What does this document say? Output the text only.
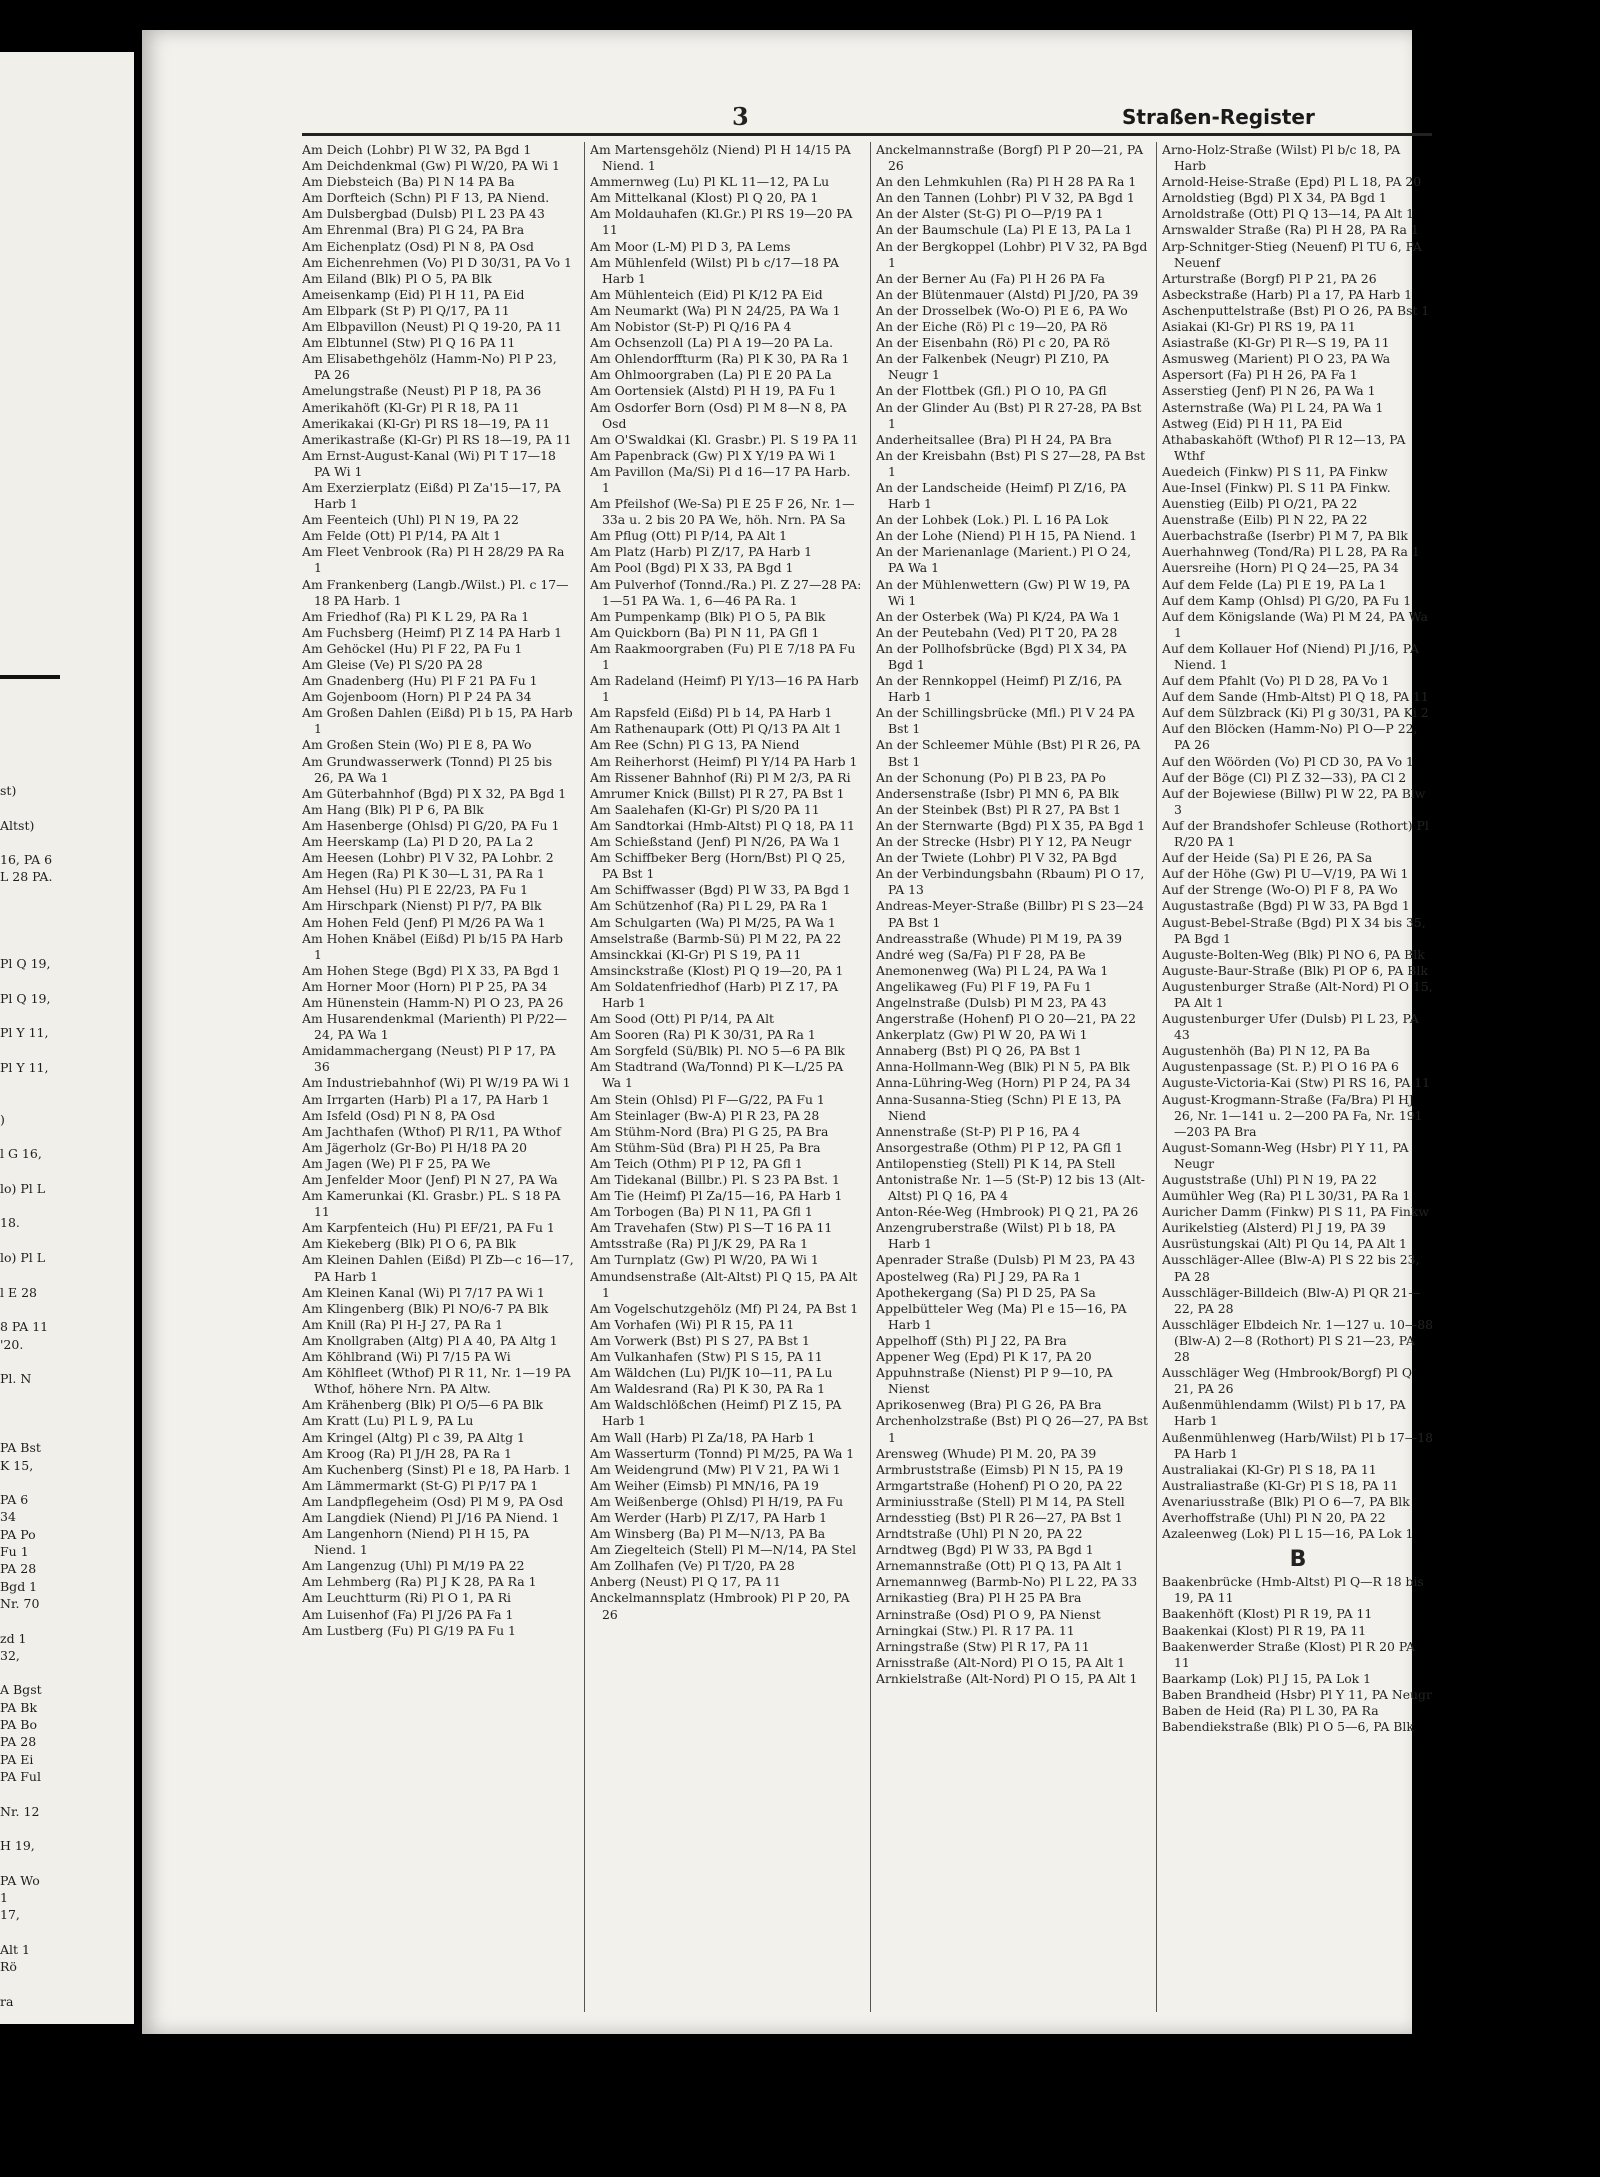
st)

Altst)

16, PA 6
L 28 PA.

Pl Q 19,

Pl Q 19,

Pl Y 11,

Pl Y 11,

)

l G 16,

lo) Pl L

18.

lo) Pl L

l E 28

8 PA 11
'20.

Pl. N

PA Bst
K 15,

PA 6
34
PA Po
Fu 1
PA 28
Bgd 1
Nr. 70

zd 1
32,

A Bgst
PA Bk
PA Bo
PA 28
PA Ei
PA Ful

Nr. 12

H 19,

PA Wo
1
17,

Alt 1
Rö

ra
3	Straßen-Register

Am Deich (Lohbr) Pl W 32, PA Bgd 1

Am Deichdenkmal (Gw) Pl W/20, PA Wi 1

Am Diebsteich (Ba) Pl N 14 PA Ba

Am Dorfteich (Schn) Pl F 13, PA Niend.

Am Dulsbergbad (Dulsb) Pl L 23 PA 43

Am Ehrenmal (Bra) Pl G 24, PA Bra

Am Eichenplatz (Osd) Pl N 8, PA Osd

Am Eichenrehmen (Vo) Pl D 30/31, PA Vo 1

Am Eiland (Blk) Pl O 5, PA Blk

Ameisenkamp (Eid) Pl H 11, PA Eid

Am Elbpark (St P) Pl Q/17, PA 11

Am Elbpavillon (Neust) Pl Q 19-20, PA 11

Am Elbtunnel (Stw) Pl Q 16 PA 11

Am Elisabethgehölz (Hamm-No) Pl P 23, PA 26

Amelungstraße (Neust) Pl P 18, PA 36

Amerikahöft (Kl-Gr) Pl R 18, PA 11

Amerikakai (Kl-Gr) Pl RS 18—19, PA 11

Amerikastraße (Kl-Gr) Pl RS 18—19, PA 11

Am Ernst-August-Kanal (Wi) Pl T 17—18 PA Wi 1

Am Exerzierplatz (Eißd) Pl Za'15—17, PA Harb 1

Am Feenteich (Uhl) Pl N 19, PA 22

Am Felde (Ott) Pl P/14, PA Alt 1

Am Fleet Venbrook (Ra) Pl H 28/29 PA Ra 1

Am Frankenberg (Langb./Wilst.) Pl. c 17—18 PA Harb. 1

Am Friedhof (Ra) Pl K L 29, PA Ra 1

Am Fuchsberg (Heimf) Pl Z 14 PA Harb 1

Am Gehöckel (Hu) Pl F 22, PA Fu 1

Am Gleise (Ve) Pl S/20 PA 28

Am Gnadenberg (Hu) Pl F 21 PA Fu 1

Am Gojenboom (Horn) Pl P 24 PA 34

Am Großen Dahlen (Eißd) Pl b 15, PA Harb 1

Am Großen Stein (Wo) Pl E 8, PA Wo

Am Grundwasserwerk (Tonnd) Pl 25 bis 26, PA Wa 1

Am Güterbahnhof (Bgd) Pl X 32, PA Bgd 1

Am Hang (Blk) Pl P 6, PA Blk

Am Hasenberge (Ohlsd) Pl G/20, PA Fu 1

Am Heerskamp (La) Pl D 20, PA La 2

Am Heesen (Lohbr) Pl V 32, PA Lohbr. 2

Am Hegen (Ra) Pl K 30—L 31, PA Ra 1

Am Hehsel (Hu) Pl E 22/23, PA Fu 1

Am Hirschpark (Nienst) Pl P/7, PA Blk

Am Hohen Feld (Jenf) Pl M/26 PA Wa 1

Am Hohen Knäbel (Eißd) Pl b/15 PA Harb 1

Am Hohen Stege (Bgd) Pl X 33, PA Bgd 1

Am Horner Moor (Horn) Pl P 25, PA 34

Am Hünenstein (Hamm-N) Pl O 23, PA 26

Am Husarendenkmal (Marienth) Pl P/22—24, PA Wa 1

Amidammachergang (Neust) Pl P 17, PA 36

Am Industriebahnhof (Wi) Pl W/19 PA Wi 1

Am Irrgarten (Harb) Pl a 17, PA Harb 1

Am Isfeld (Osd) Pl N 8, PA Osd

Am Jachthafen (Wthof) Pl R/11, PA Wthof

Am Jägerholz (Gr-Bo) Pl H/18 PA 20

Am Jagen (We) Pl F 25, PA We

Am Jenfelder Moor (Jenf) Pl N 27, PA Wa

Am Kamerunkai (Kl. Grasbr.) PL. S 18 PA 11

Am Karpfenteich (Hu) Pl EF/21, PA Fu 1

Am Kiekeberg (Blk) Pl O 6, PA Blk

Am Kleinen Dahlen (Eißd) Pl Zb—c 16—17, PA Harb 1

Am Kleinen Kanal (Wi) Pl 7/17 PA Wi 1

Am Klingenberg (Blk) Pl NO/6-7 PA Blk

Am Knill (Ra) Pl H-J 27, PA Ra 1

Am Knollgraben (Altg) Pl A 40, PA Altg 1

Am Köhlbrand (Wi) Pl 7/15 PA Wi

Am Köhlfleet (Wthof) Pl R 11, Nr. 1—19 PA Wthof, höhere Nrn. PA Altw.

Am Krähenberg (Blk) Pl O/5—6 PA Blk

Am Kratt (Lu) Pl L 9, PA Lu

Am Kringel (Altg) Pl c 39, PA Altg 1

Am Kroog (Ra) Pl J/H 28, PA Ra 1

Am Kuchenberg (Sinst) Pl e 18, PA Harb. 1

Am Lämmermarkt (St-G) Pl P/17 PA 1

Am Landpflegeheim (Osd) Pl M 9, PA Osd

Am Langdiek (Niend) Pl J/16 PA Niend. 1

Am Langenhorn (Niend) Pl H 15, PA Niend. 1

Am Langenzug (Uhl) Pl M/19 PA 22

Am Lehmberg (Ra) Pl J K 28, PA Ra 1

Am Leuchtturm (Ri) Pl O 1, PA Ri

Am Luisenhof (Fa) Pl J/26 PA Fa 1

Am Lustberg (Fu) Pl G/19 PA Fu 1

Am Martensgehölz (Niend) Pl H 14/15 PA Niend. 1

Ammernweg (Lu) Pl KL 11—12, PA Lu

Am Mittelkanal (Klost) Pl Q 20, PA 1

Am Moldauhafen (Kl.Gr.) Pl RS 19—20 PA 11

Am Moor (L-M) Pl D 3, PA Lems

Am Mühlenfeld (Wilst) Pl b c/17—18 PA Harb 1

Am Mühlenteich (Eid) Pl K/12 PA Eid

Am Neumarkt (Wa) Pl N 24/25, PA Wa 1

Am Nobistor (St-P) Pl Q/16 PA 4

Am Ochsenzoll (La) Pl A 19—20 PA La.

Am Ohlendorffturm (Ra) Pl K 30, PA Ra 1

Am Ohlmoorgraben (La) Pl E 20 PA La

Am Oortensiek (Alstd) Pl H 19, PA Fu 1

Am Osdorfer Born (Osd) Pl M 8—N 8, PA Osd

Am O'Swaldkai (Kl. Grasbr.) Pl. S 19 PA 11

Am Papenbrack (Gw) Pl X Y/19 PA Wi 1

Am Pavillon (Ma/Si) Pl d 16—17 PA Harb. 1

Am Pfeilshof (We-Sa) Pl E 25 F 26, Nr. 1—33a u. 2 bis 20 PA We, höh. Nrn. PA Sa

Am Pflug (Ott) Pl P/14, PA Alt 1

Am Platz (Harb) Pl Z/17, PA Harb 1

Am Pool (Bgd) Pl X 33, PA Bgd 1

Am Pulverhof (Tonnd./Ra.) Pl. Z 27—28 PA: 1—51 PA Wa. 1, 6—46 PA Ra. 1

Am Pumpenkamp (Blk) Pl O 5, PA Blk

Am Quickborn (Ba) Pl N 11, PA Gfl 1

Am Raakmoorgraben (Fu) Pl E 7/18 PA Fu 1

Am Radeland (Heimf) Pl Y/13—16 PA Harb 1

Am Rapsfeld (Eißd) Pl b 14, PA Harb 1

Am Rathenaupark (Ott) Pl Q/13 PA Alt 1

Am Ree (Schn) Pl G 13, PA Niend

Am Reiherhorst (Heimf) Pl Y/14 PA Harb 1

Am Rissener Bahnhof (Ri) Pl M 2/3, PA Ri

Amrumer Knick (Billst) Pl R 27, PA Bst 1

Am Saalehafen (Kl-Gr) Pl S/20 PA 11

Am Sandtorkai (Hmb-Altst) Pl Q 18, PA 11

Am Schießstand (Jenf) Pl N/26, PA Wa 1

Am Schiffbeker Berg (Horn/Bst) Pl Q 25, PA Bst 1

Am Schiffwasser (Bgd) Pl W 33, PA Bgd 1

Am Schützenhof (Ra) Pl L 29, PA Ra 1

Am Schulgarten (Wa) Pl M/25, PA Wa 1

Amselstraße (Barmb-Sü) Pl M 22, PA 22

Amsinckkai (Kl-Gr) Pl S 19, PA 11

Amsinckstraße (Klost) Pl Q 19—20, PA 1

Am Soldatenfriedhof (Harb) Pl Z 17, PA Harb 1

Am Sood (Ott) Pl P/14, PA Alt

Am Sooren (Ra) Pl K 30/31, PA Ra 1

Am Sorgfeld (Sü/Blk) Pl. NO 5—6 PA Blk

Am Stadtrand (Wa/Tonnd) Pl K—L/25 PA Wa 1

Am Stein (Ohlsd) Pl F—G/22, PA Fu 1

Am Steinlager (Bw-A) Pl R 23, PA 28

Am Stühm-Nord (Bra) Pl G 25, PA Bra

Am Stühm-Süd (Bra) Pl H 25, Pa Bra

Am Teich (Othm) Pl P 12, PA Gfl 1

Am Tidekanal (Billbr.) Pl. S 23 PA Bst. 1

Am Tie (Heimf) Pl Za/15—16, PA Harb 1

Am Torbogen (Ba) Pl N 11, PA Gfl 1

Am Travehafen (Stw) Pl S—T 16 PA 11

Amtsstraße (Ra) Pl J/K 29, PA Ra 1

Am Turnplatz (Gw) Pl W/20, PA Wi 1

Amundsenstraße (Alt-Altst) Pl Q 15, PA Alt 1

Am Vogelschutzgehölz (Mf) Pl 24, PA Bst 1

Am Vorhafen (Wi) Pl R 15, PA 11

Am Vorwerk (Bst) Pl S 27, PA Bst 1

Am Vulkanhafen (Stw) Pl S 15, PA 11

Am Wäldchen (Lu) Pl/JK 10—11, PA Lu

Am Waldesrand (Ra) Pl K 30, PA Ra 1

Am Waldschlößchen (Heimf) Pl Z 15, PA Harb 1

Am Wall (Harb) Pl Za/18, PA Harb 1

Am Wasserturm (Tonnd) Pl M/25, PA Wa 1

Am Weidengrund (Mw) Pl V 21, PA Wi 1

Am Weiher (Eimsb) Pl MN/16, PA 19

Am Weißenberge (Ohlsd) Pl H/19, PA Fu

Am Werder (Harb) Pl Z/17, PA Harb 1

Am Winsberg (Ba) Pl M—N/13, PA Ba

Am Ziegelteich (Stell) Pl M—N/14, PA Stel

Am Zollhafen (Ve) Pl T/20, PA 28

Anberg (Neust) Pl Q 17, PA 11

Anckelmannsplatz (Hmbrook) Pl P 20, PA 26

Anckelmannstraße (Borgf) Pl P 20—21, PA 26

An den Lehmkuhlen (Ra) Pl H 28 PA Ra 1

An den Tannen (Lohbr) Pl V 32, PA Bgd 1

An der Alster (St-G) Pl O—P/19 PA 1

An der Baumschule (La) Pl E 13, PA La 1

An der Bergkoppel (Lohbr) Pl V 32, PA Bgd 1

An der Berner Au (Fa) Pl H 26 PA Fa

An der Blütenmauer (Alstd) Pl J/20, PA 39

An der Drosselbek (Wo-O) Pl E 6, PA Wo

An der Eiche (Rö) Pl c 19—20, PA Rö

An der Eisenbahn (Rö) Pl c 20, PA Rö

An der Falkenbek (Neugr) Pl Z10, PA Neugr 1

An der Flottbek (Gfl.) Pl O 10, PA Gfl

An der Glinder Au (Bst) Pl R 27-28, PA Bst 1

Anderheitsallee (Bra) Pl H 24, PA Bra

An der Kreisbahn (Bst) Pl S 27—28, PA Bst 1

An der Landscheide (Heimf) Pl Z/16, PA Harb 1

An der Lohbek (Lok.) Pl. L 16 PA Lok

An der Lohe (Niend) Pl H 15, PA Niend. 1

An der Marienanlage (Marient.) Pl O 24, PA Wa 1

An der Mühlenwettern (Gw) Pl W 19, PA Wi 1

An der Osterbek (Wa) Pl K/24, PA Wa 1

An der Peutebahn (Ved) Pl T 20, PA 28

An der Pollhofsbrücke (Bgd) Pl X 34, PA Bgd 1

An der Rennkoppel (Heimf) Pl Z/16, PA Harb 1

An der Schillingsbrücke (Mfl.) Pl V 24 PA Bst 1

An der Schleemer Mühle (Bst) Pl R 26, PA Bst 1

An der Schonung (Po) Pl B 23, PA Po

Andersenstraße (Isbr) Pl MN 6, PA Blk

An der Steinbek (Bst) Pl R 27, PA Bst 1

An der Sternwarte (Bgd) Pl X 35, PA Bgd 1

An der Strecke (Hsbr) Pl Y 12, PA Neugr

An der Twiete (Lohbr) Pl V 32, PA Bgd

An der Verbindungsbahn (Rbaum) Pl O 17, PA 13

Andreas-Meyer-Straße (Billbr) Pl S 23—24 PA Bst 1

Andreasstraße (Whude) Pl M 19, PA 39

André weg (Sa/Fa) Pl F 28, PA Be

Anemonenweg (Wa) Pl L 24, PA Wa 1

Angelikaweg (Fu) Pl F 19, PA Fu 1

Angelnstraße (Dulsb) Pl M 23, PA 43

Angerstraße (Hohenf) Pl O 20—21, PA 22

Ankerplatz (Gw) Pl W 20, PA Wi 1

Annaberg (Bst) Pl Q 26, PA Bst 1

Anna-Hollmann-Weg (Blk) Pl N 5, PA Blk

Anna-Lühring-Weg (Horn) Pl P 24, PA 34

Anna-Susanna-Stieg (Schn) Pl E 13, PA Niend

Annenstraße (St-P) Pl P 16, PA 4

Ansorgestraße (Othm) Pl P 12, PA Gfl 1

Antilopenstieg (Stell) Pl K 14, PA Stell

Antonistraße Nr. 1—5 (St-P) 12 bis 13 (Alt-Altst) Pl Q 16, PA 4

Anton-Rée-Weg (Hmbrook) Pl Q 21, PA 26

Anzengruberstraße (Wilst) Pl b 18, PA Harb 1

Apenrader Straße (Dulsb) Pl M 23, PA 43

Apostelweg (Ra) Pl J 29, PA Ra 1

Apothekergang (Sa) Pl D 25, PA Sa

Appelbütteler Weg (Ma) Pl e 15—16, PA Harb 1

Appelhoff (Sth) Pl J 22, PA Bra

Appener Weg (Epd) Pl K 17, PA 20

Appuhnstraße (Nienst) Pl P 9—10, PA Nienst

Aprikosenweg (Bra) Pl G 26, PA Bra

Archenholzstraße (Bst) Pl Q 26—27, PA Bst 1

Arensweg (Whude) Pl M. 20, PA 39

Armbruststraße (Eimsb) Pl N 15, PA 19

Armgartstraße (Hohenf) Pl O 20, PA 22

Arminiusstraße (Stell) Pl M 14, PA Stell

Arndesstieg (Bst) Pl R 26—27, PA Bst 1

Arndtstraße (Uhl) Pl N 20, PA 22

Arndtweg (Bgd) Pl W 33, PA Bgd 1

Arnemannstraße (Ott) Pl Q 13, PA Alt 1

Arnemannweg (Barmb-No) Pl L 22, PA 33

Arnikastieg (Bra) Pl H 25 PA Bra

Arninstraße (Osd) Pl O 9, PA Nienst

Arningkai (Stw.) Pl. R 17 PA. 11

Arningstraße (Stw) Pl R 17, PA 11

Arnisstraße (Alt-Nord) Pl O 15, PA Alt 1

Arnkielstraße (Alt-Nord) Pl O 15, PA Alt 1

Arno-Holz-Straße (Wilst) Pl b/c 18, PA Harb

Arnold-Heise-Straße (Epd) Pl L 18, PA 20

Arnoldstieg (Bgd) Pl X 34, PA Bgd 1

Arnoldstraße (Ott) Pl Q 13—14, PA Alt 1

Arnswalder Straße (Ra) Pl H 28, PA Ra 1

Arp-Schnitger-Stieg (Neuenf) Pl TU 6, PA Neuenf

Arturstraße (Borgf) Pl P 21, PA 26

Asbeckstraße (Harb) Pl a 17, PA Harb 1

Aschenputtelstraße (Bst) Pl O 26, PA Bst 1

Asiakai (Kl-Gr) Pl RS 19, PA 11

Asiastraße (Kl-Gr) Pl R—S 19, PA 11

Asmusweg (Marient) Pl O 23, PA Wa

Aspersort (Fa) Pl H 26, PA Fa 1

Asserstieg (Jenf) Pl N 26, PA Wa 1

Asternstraße (Wa) Pl L 24, PA Wa 1

Astweg (Eid) Pl H 11, PA Eid

Athabaskahöft (Wthof) Pl R 12—13, PA Wthf

Auedeich (Finkw) Pl S 11, PA Finkw

Aue-Insel (Finkw) Pl. S 11 PA Finkw.

Auenstieg (Eilb) Pl O/21, PA 22

Auenstraße (Eilb) Pl N 22, PA 22

Auerbachstraße (Iserbr) Pl M 7, PA Blk

Auerhahnweg (Tond/Ra) Pl L 28, PA Ra 1

Auersreihe (Horn) Pl Q 24—25, PA 34

Auf dem Felde (La) Pl E 19, PA La 1

Auf dem Kamp (Ohlsd) Pl G/20, PA Fu 1

Auf dem Königslande (Wa) Pl M 24, PA Wa 1

Auf dem Kollauer Hof (Niend) Pl J/16, PA Niend. 1

Auf dem Pfahlt (Vo) Pl D 28, PA Vo 1

Auf dem Sande (Hmb-Altst) Pl Q 18, PA 11

Auf dem Sülzbrack (Ki) Pl g 30/31, PA Ki 2

Auf den Blöcken (Hamm-No) Pl O—P 22, PA 26

Auf den Wöörden (Vo) Pl CD 30, PA Vo 1

Auf der Böge (Cl) Pl Z 32—33), PA Cl 2

Auf der Bojewiese (Billw) Pl W 22, PA Blw 3

Auf der Brandshofer Schleuse (Rothort) Pl R/20 PA 1

Auf der Heide (Sa) Pl E 26, PA Sa

Auf der Höhe (Gw) Pl U—V/19, PA Wi 1

Auf der Strenge (Wo-O) Pl F 8, PA Wo

Augustastraße (Bgd) Pl W 33, PA Bgd 1

August-Bebel-Straße (Bgd) Pl X 34 bis 35, PA Bgd 1

Auguste-Bolten-Weg (Blk) Pl NO 6, PA Blk

Auguste-Baur-Straße (Blk) Pl OP 6, PA Blk

Augustenburger Straße (Alt-Nord) Pl O 15, PA Alt 1

Augustenburger Ufer (Dulsb) Pl L 23, PA 43

Augustenhöh (Ba) Pl N 12, PA Ba

Augustenpassage (St. P.) Pl O 16 PA 6

Auguste-Victoria-Kai (Stw) Pl RS 16, PA 11

August-Krogmann-Straße (Fa/Bra) Pl HJ 26, Nr. 1—141 u. 2—200 PA Fa, Nr. 191—203 PA Bra

August-Somann-Weg (Hsbr) Pl Y 11, PA Neugr

Auguststraße (Uhl) Pl N 19, PA 22

Aumühler Weg (Ra) Pl L 30/31, PA Ra 1

Auricher Damm (Finkw) Pl S 11, PA Finkw

Aurikelstieg (Alsterd) Pl J 19, PA 39

Ausrüstungskai (Alt) Pl Qu 14, PA Alt 1

Ausschläger-Allee (Blw-A) Pl S 22 bis 23, PA 28

Ausschläger-Billdeich (Blw-A) Pl QR 21—22, PA 28

Ausschläger Elbdeich Nr. 1—127 u. 10—88 (Blw-A) 2—8 (Rothort) Pl S 21—23, PA 28

Ausschläger Weg (Hmbrook/Borgf) Pl Q 21, PA 26

Außenmühlendamm (Wilst) Pl b 17, PA Harb 1

Außenmühlenweg (Harb/Wilst) Pl b 17—18 PA Harb 1

Australiakai (Kl-Gr) Pl S 18, PA 11

Australiastraße (Kl-Gr) Pl S 18, PA 11

Avenariusstraße (Blk) Pl O 6—7, PA Blk

Averhoffstraße (Uhl) Pl N 20, PA 22

Azaleenweg (Lok) Pl L 15—16, PA Lok 1

B

Baakenbrücke (Hmb-Altst) Pl Q—R 18 bis 19, PA 11

Baakenhöft (Klost) Pl R 19, PA 11

Baakenkai (Klost) Pl R 19, PA 11

Baakenwerder Straße (Klost) Pl R 20 PA 11

Baarkamp (Lok) Pl J 15, PA Lok 1

Baben Brandheid (Hsbr) Pl Y 11, PA Neugr

Baben de Heid (Ra) Pl L 30, PA Ra

Babendiekstraße (Blk) Pl O 5—6, PA Blk
